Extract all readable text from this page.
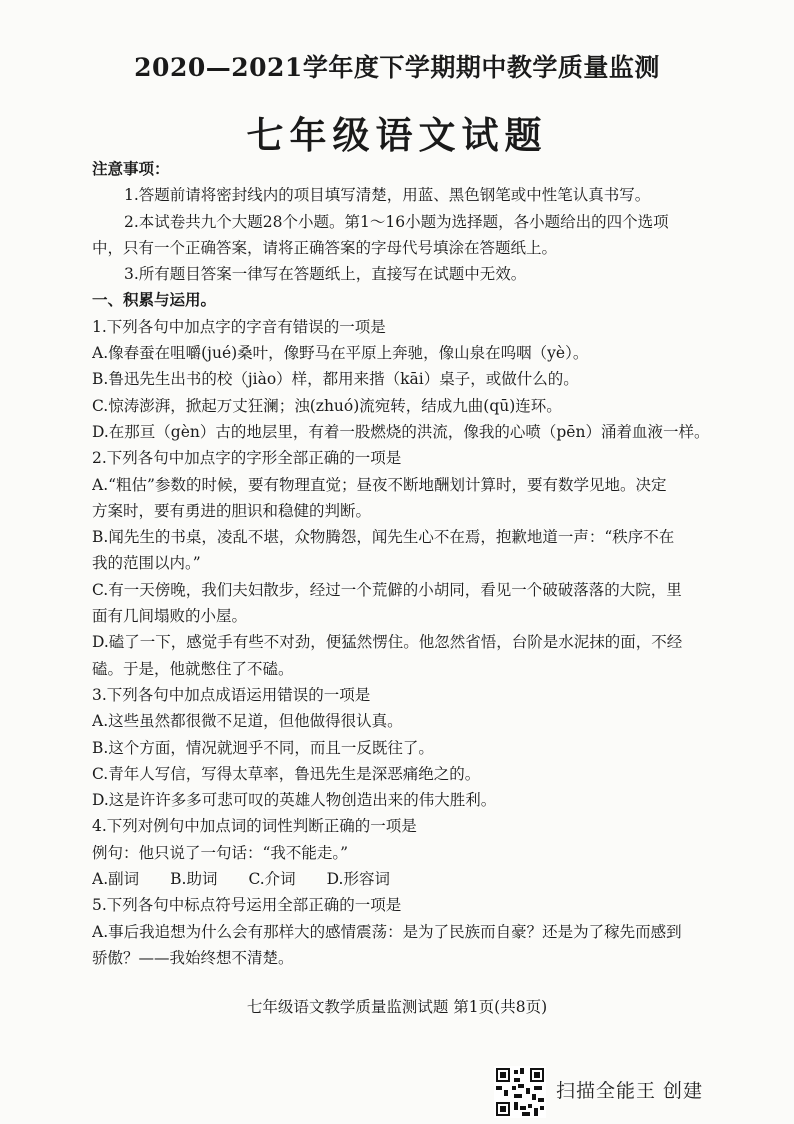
2020—2021学年度下学期期中教学质量监测
七年级语文试题
注意事项：
1.答题前请将密封线内的项目填写清楚，用蓝、黑色钢笔或中性笔认真书写。
2.本试卷共九个大题28个小题。第1～16小题为选择题，各小题给出的四个选项
中，只有一个正确答案，请将正确答案的字母代号填涂在答题纸上。
3.所有题目答案一律写在答题纸上，直接写在试题中无效。
一、积累与运用。
1.下列各句中加点字的字音有错误的一项是
A.像春蚕在咀嚼(jué)桑叶，像野马在平原上奔驰，像山泉在呜咽（yè）。
B.鲁迅先生出书的校（jiào）样，都用来揩（kāi）桌子，或做什么的。
C.惊涛澎湃，掀起万丈狂澜；浊(zhuó)流宛转，结成九曲(qū)连环。
D.在那亘（gèn）古的地层里，有着一股燃烧的洪流，像我的心喷（pēn）涌着血液一样。
2.下列各句中加点字的字形全部正确的一项是
A.“粗估”参数的时候，要有物理直觉；昼夜不断地酬划计算时，要有数学见地。决定
方案时，要有勇进的胆识和稳健的判断。
B.闻先生的书桌，凌乱不堪，众物腾怨，闻先生心不在焉，抱歉地道一声：“秩序不在
我的范围以内。”
C.有一天傍晚，我们夫妇散步，经过一个荒僻的小胡同，看见一个破破落落的大院，里
面有几间塌败的小屋。
D.磕了一下，感觉手有些不对劲，便猛然愣住。他忽然省悟，台阶是水泥抹的面，不经
磕。于是，他就憋住了不磕。
3.下列各句中加点成语运用错误的一项是
A.这些虽然都很微不足道，但他做得很认真。
B.这个方面，情况就迥乎不同，而且一反既往了。
C.青年人写信，写得太草率，鲁迅先生是深恶痛绝之的。
D.这是许许多多可悲可叹的英雄人物创造出来的伟大胜利。
4.下列对例句中加点词的词性判断正确的一项是
例句：他只说了一句话：“我不能走。”
A.副词　　B.助词　　C.介词　　D.形容词
5.下列各句中标点符号运用全部正确的一项是
A.事后我追想为什么会有那样大的感情震荡：是为了民族而自豪？还是为了稼先而感到
骄傲？——我始终想不清楚。
七年级语文教学质量监测试题 第1页(共8页)
扫描全能王 创建
